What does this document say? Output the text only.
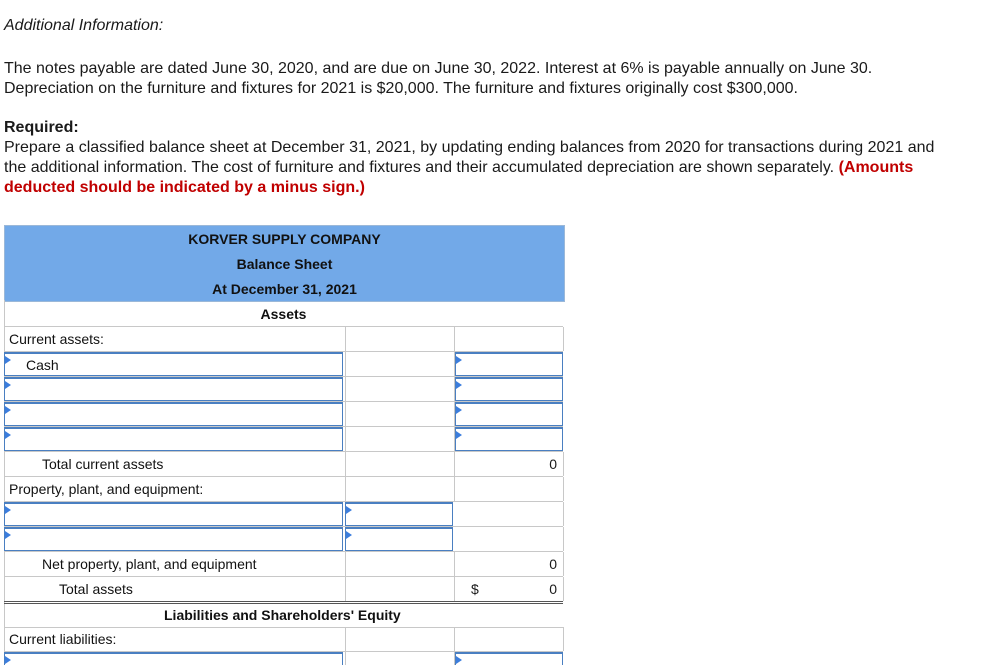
Additional Information:
The notes payable are dated June 30, 2020, and are due on June 30, 2022. Interest at 6% is payable annually on June 30.
Depreciation on the furniture and fixtures for 2021 is $20,000. The furniture and fixtures originally cost $300,000.
Required:
Prepare a classified balance sheet at December 31, 2021, by updating ending balances from 2020 for transactions during 2021 and
the additional information. The cost of furniture and fixtures and their accumulated depreciation are shown separately. (Amounts
deducted should be indicated by a minus sign.)
KORVER SUPPLY COMPANY
Balance Sheet
At December 31, 2021
Assets
Current assets:
Cash
Total current assets	0
Property, plant, and equipment:
Net property, plant, and equipment	0
Total assets	$	0
Liabilities and Shareholders' Equity
Current liabilities:
